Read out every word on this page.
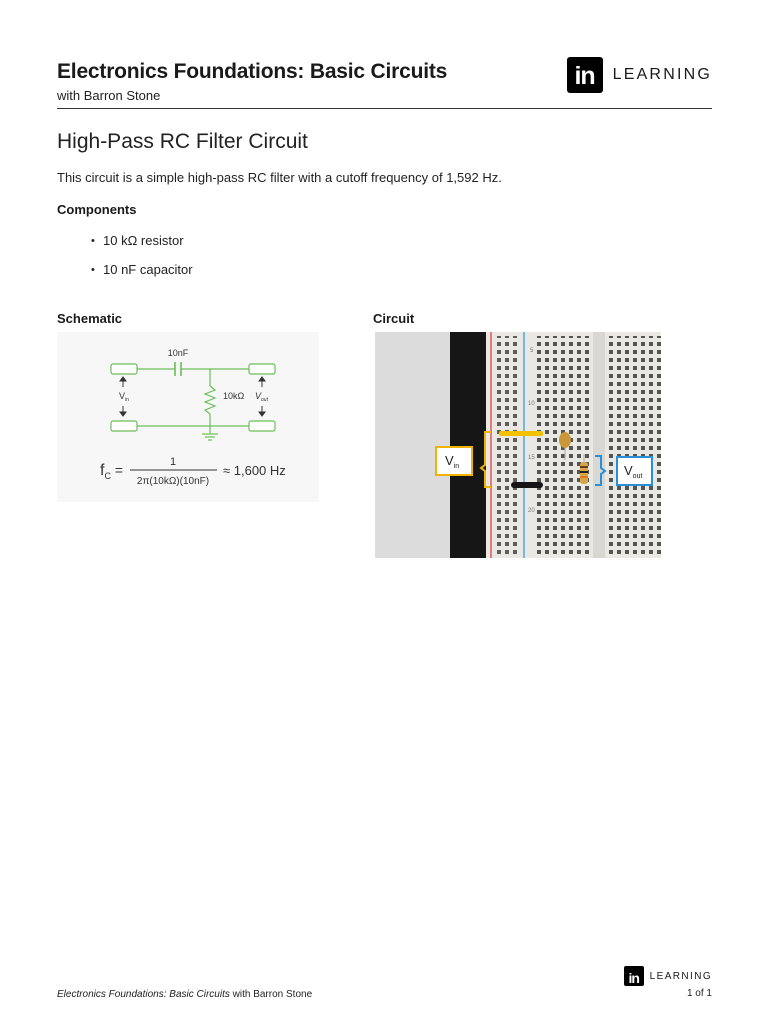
Electronics Foundations: Basic Circuits
with Barron Stone
in	LEARNING
High-Pass RC Filter Circuit
This circuit is a simple high-pass RC filter with a cutoff frequency of 1,592 Hz.
Components
• 10 kΩ resistor
• 10 nF capacitor
Schematic	Circuit
10nF
10kΩ
$V_{in}$	$V_{out}$
$f_C$ =	1
2π(10kΩ)(10nF)
≈ 1,600 Hz
5
10
15
20
$V_{in}$	$V_{out}$
in	LEARNING
Electronics Foundations: Basic Circuits with Barron Stone	1 of 1
